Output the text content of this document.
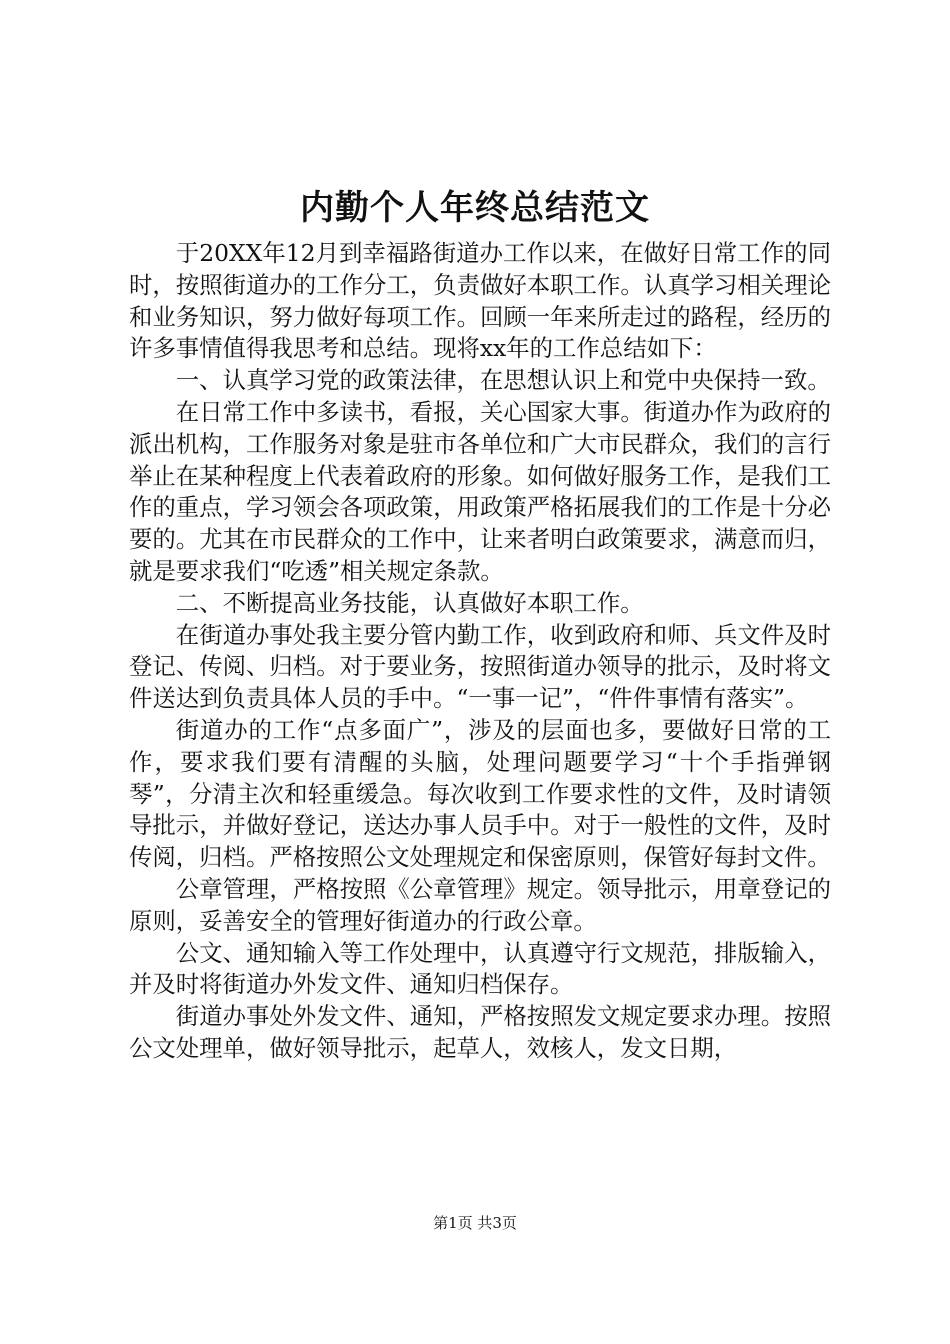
内勤个人年终总结范文

于20XX年12月到幸福路街道办工作以来，在做好日常工作的同时，按照街道办的工作分工，负责做好本职工作。认真学习相关理论和业务知识，努力做好每项工作。回顾一年来所走过的路程，经历的许多事情值得我思考和总结。现将xx年的工作总结如下：

一、认真学习党的政策法律，在思想认识上和党中央保持一致。

在日常工作中多读书，看报，关心国家大事。街道办作为政府的派出机构，工作服务对象是驻市各单位和广大市民群众，我们的言行举止在某种程度上代表着政府的形象。如何做好服务工作，是我们工作的重点，学习领会各项政策，用政策严格拓展我们的工作是十分必要的。尤其在市民群众的工作中，让来者明白政策要求，满意而归，就是要求我们“吃透”相关规定条款。

二、不断提高业务技能，认真做好本职工作。

在街道办事处我主要分管内勤工作，收到政府和师、兵文件及时登记、传阅、归档。对于要业务，按照街道办领导的批示，及时将文件送达到负责具体人员的手中。“一事一记”，“件件事情有落实”。

街道办的工作“点多面广”，涉及的层面也多，要做好日常的工作，要求我们要有清醒的头脑，处理问题要学习“十个手指弹钢琴”，分清主次和轻重缓急。每次收到工作要求性的文件，及时请领导批示，并做好登记，送达办事人员手中。对于一般性的文件，及时传阅，归档。严格按照公文处理规定和保密原则，保管好每封文件。

公章管理，严格按照《公章管理》规定。领导批示，用章登记的原则，妥善安全的管理好街道办的行政公章。

公文、通知输入等工作处理中，认真遵守行文规范，排版输入，并及时将街道办外发文件、通知归档保存。

街道办事处外发文件、通知，严格按照发文规定要求办理。按照公文处理单，做好领导批示，起草人，效核人，发文日期，

第1页 共3页
